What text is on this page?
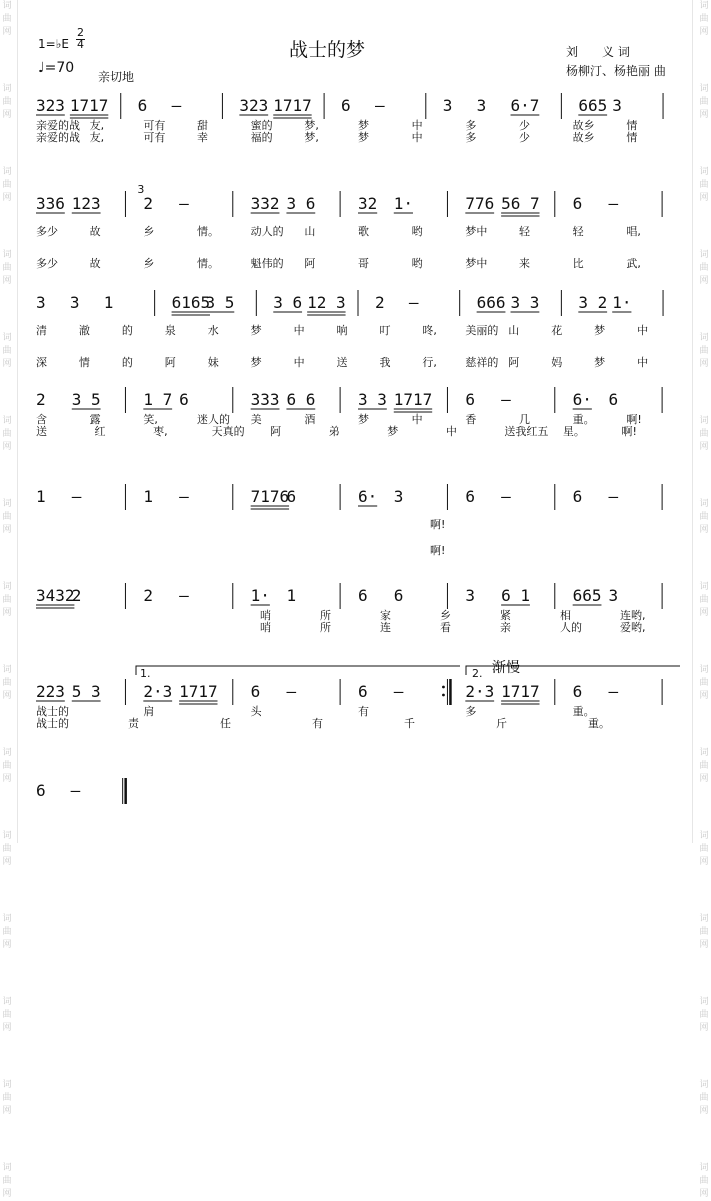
词
曲
网
词
曲
网
词
曲
网
词
曲
网
词
曲
网
词
曲
网
词
曲
网
词
曲
网
词
曲
网
词
曲
网
词
曲
网
词
曲
网
词
曲
网
词
曲
网
词
曲
网
词
曲
网
词
曲
网
词
曲
网
词
曲
网
词
曲
网
词
曲
网
词
曲
网
词
曲
网
词
曲
网
词
曲
网
词
曲
网
词
曲
网
词
曲
网
词
曲
网
词
曲
网
战士的梦
1=♭E
2
4
♩=70
亲切地
刘　　义 词
杨柳汀、杨艳丽 曲
323 1717 6 –	323 1717 6 –	3 3 6·7 665 3
亲爱的战 友,	可有	甜	蜜的	梦,	梦	中	多	少	故乡	情
亲爱的战 友,	可有	幸	福的	梦,	梦	中	多	少	故乡	情
336 123	2 –	332 3 6	32 1·	776 56 7 6 –
3
多少	故	乡	情。	动人的 山	歌	哟	梦中	轻	轻	唱,
多少	故	乡	情。	魁伟的 阿	哥	哟	梦中	来	比	武,
3 3 1	6165
3 5 3 6 12 3 2 –	666 3 3 3 2 1·
清	澈	的	泉	水	梦	中	响	叮	咚,	美丽的 山	花	梦	中
深	情	的	阿	妹	梦	中	送	我	行,	慈祥的 阿	妈	梦	中
2 3 5	1 7 6	333 6 6	3 3 1717 6 –	6· 6
含	露	笑,	迷人的 美	酒	梦	中	香	几	重。	啊!
送	红	枣,	天真的 阿	弟	梦	中	送我红五 星。	啊!
1 –	1 –	7176
6	6· 3	6 –	6 –
啊!
啊!
3432
2	2 –	1· 1	6 6	3 6 1	665 3
哨	所	家	乡	紧	相	连哟,
哨	所	连	看	亲	人的	爱哟,
223 5 3	2·3 1717 6 –	6 –	2·3 1717 6 –
战士的	肩	头	有	多	重。
战士的	责	任	有	千	斤	重。
6 –
1.	2. 渐慢
